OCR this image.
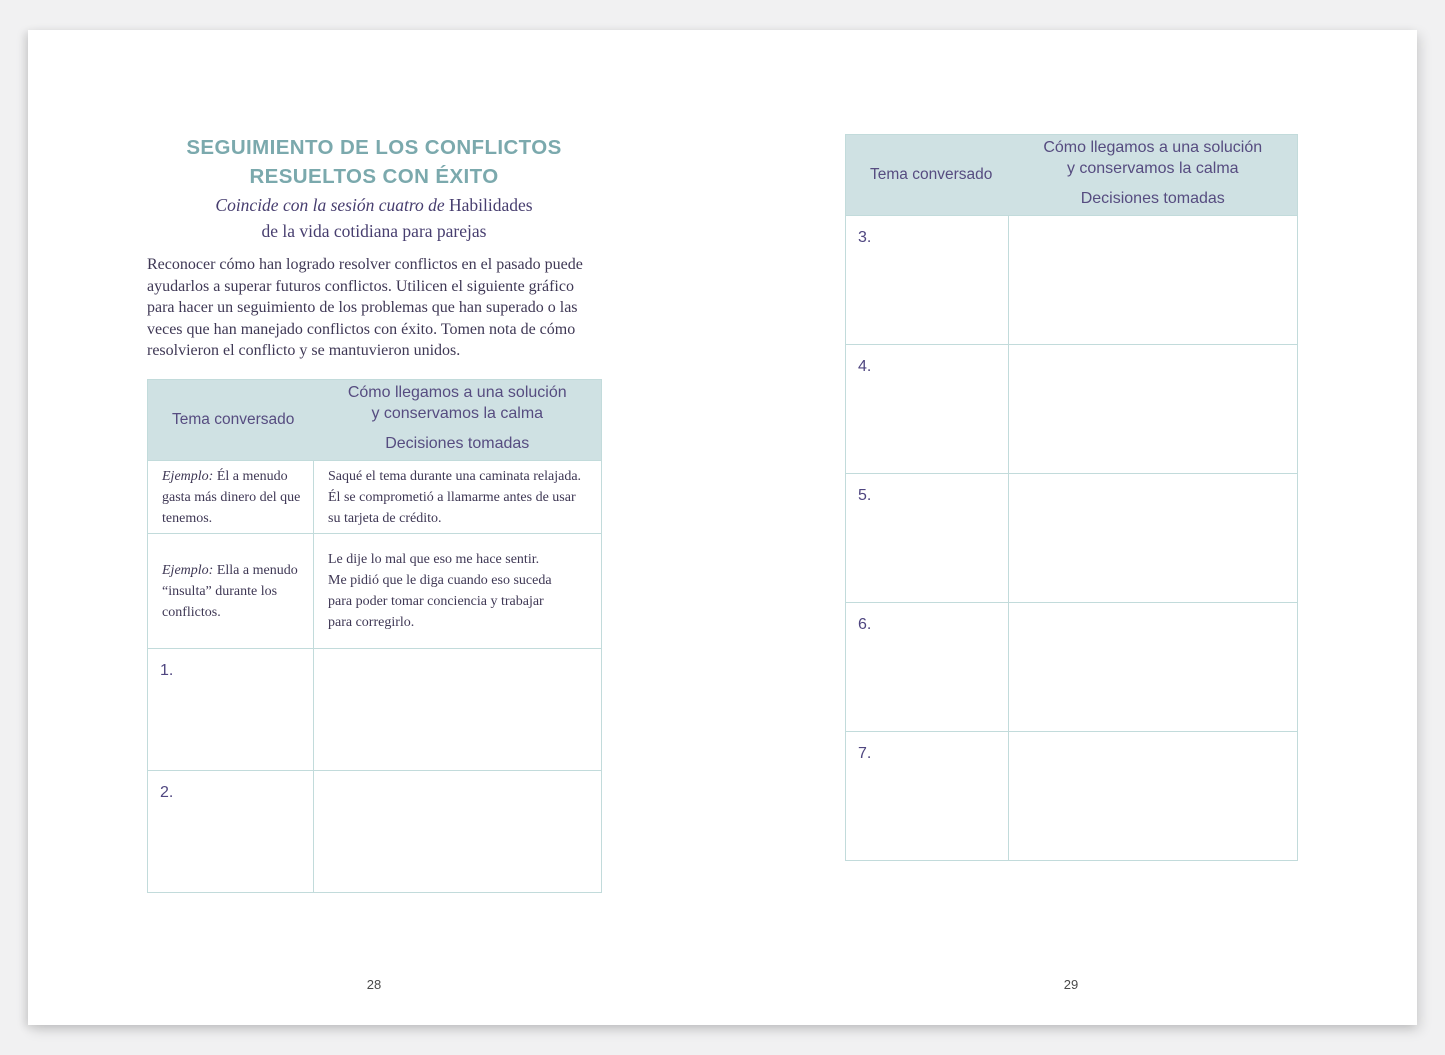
SEGUIMIENTO DE LOS CONFLICTOS
RESUELTOS CON ÉXITO
Coincide con la sesión cuatro de Habilidades
de la vida cotidiana para parejas
Reconocer cómo han logrado resolver conflictos en el pasado puede ayudarlos a superar futuros conflictos. Utilicen el siguiente gráfico para hacer un seguimiento de los problemas que han superado o las veces que han manejado conflictos con éxito. Tomen nota de cómo resolvieron el conflicto y se mantuvieron unidos.
Tema conversado	Cómo llegamos a una solución
y conservamos la calma
Decisiones tomadas

Ejemplo: Él a menudo gasta más dinero del que tenemos.	Saqué el tema durante una caminata relajada.
Él se comprometió a llamarme antes de usar
su tarjeta de crédito.

Ejemplo: Ella a menudo “insulta” durante los conflictos.	Le dije lo mal que eso me hace sentir.
Me pidió que le diga cuando eso suceda
para poder tomar conciencia y trabajar
para corregirlo.

1.	
2.	
28
Tema conversado	Cómo llegamos a una solución
y conservamos la calma
Decisiones tomadas

3.	
4.	
5.	
6.	
7.	
29
